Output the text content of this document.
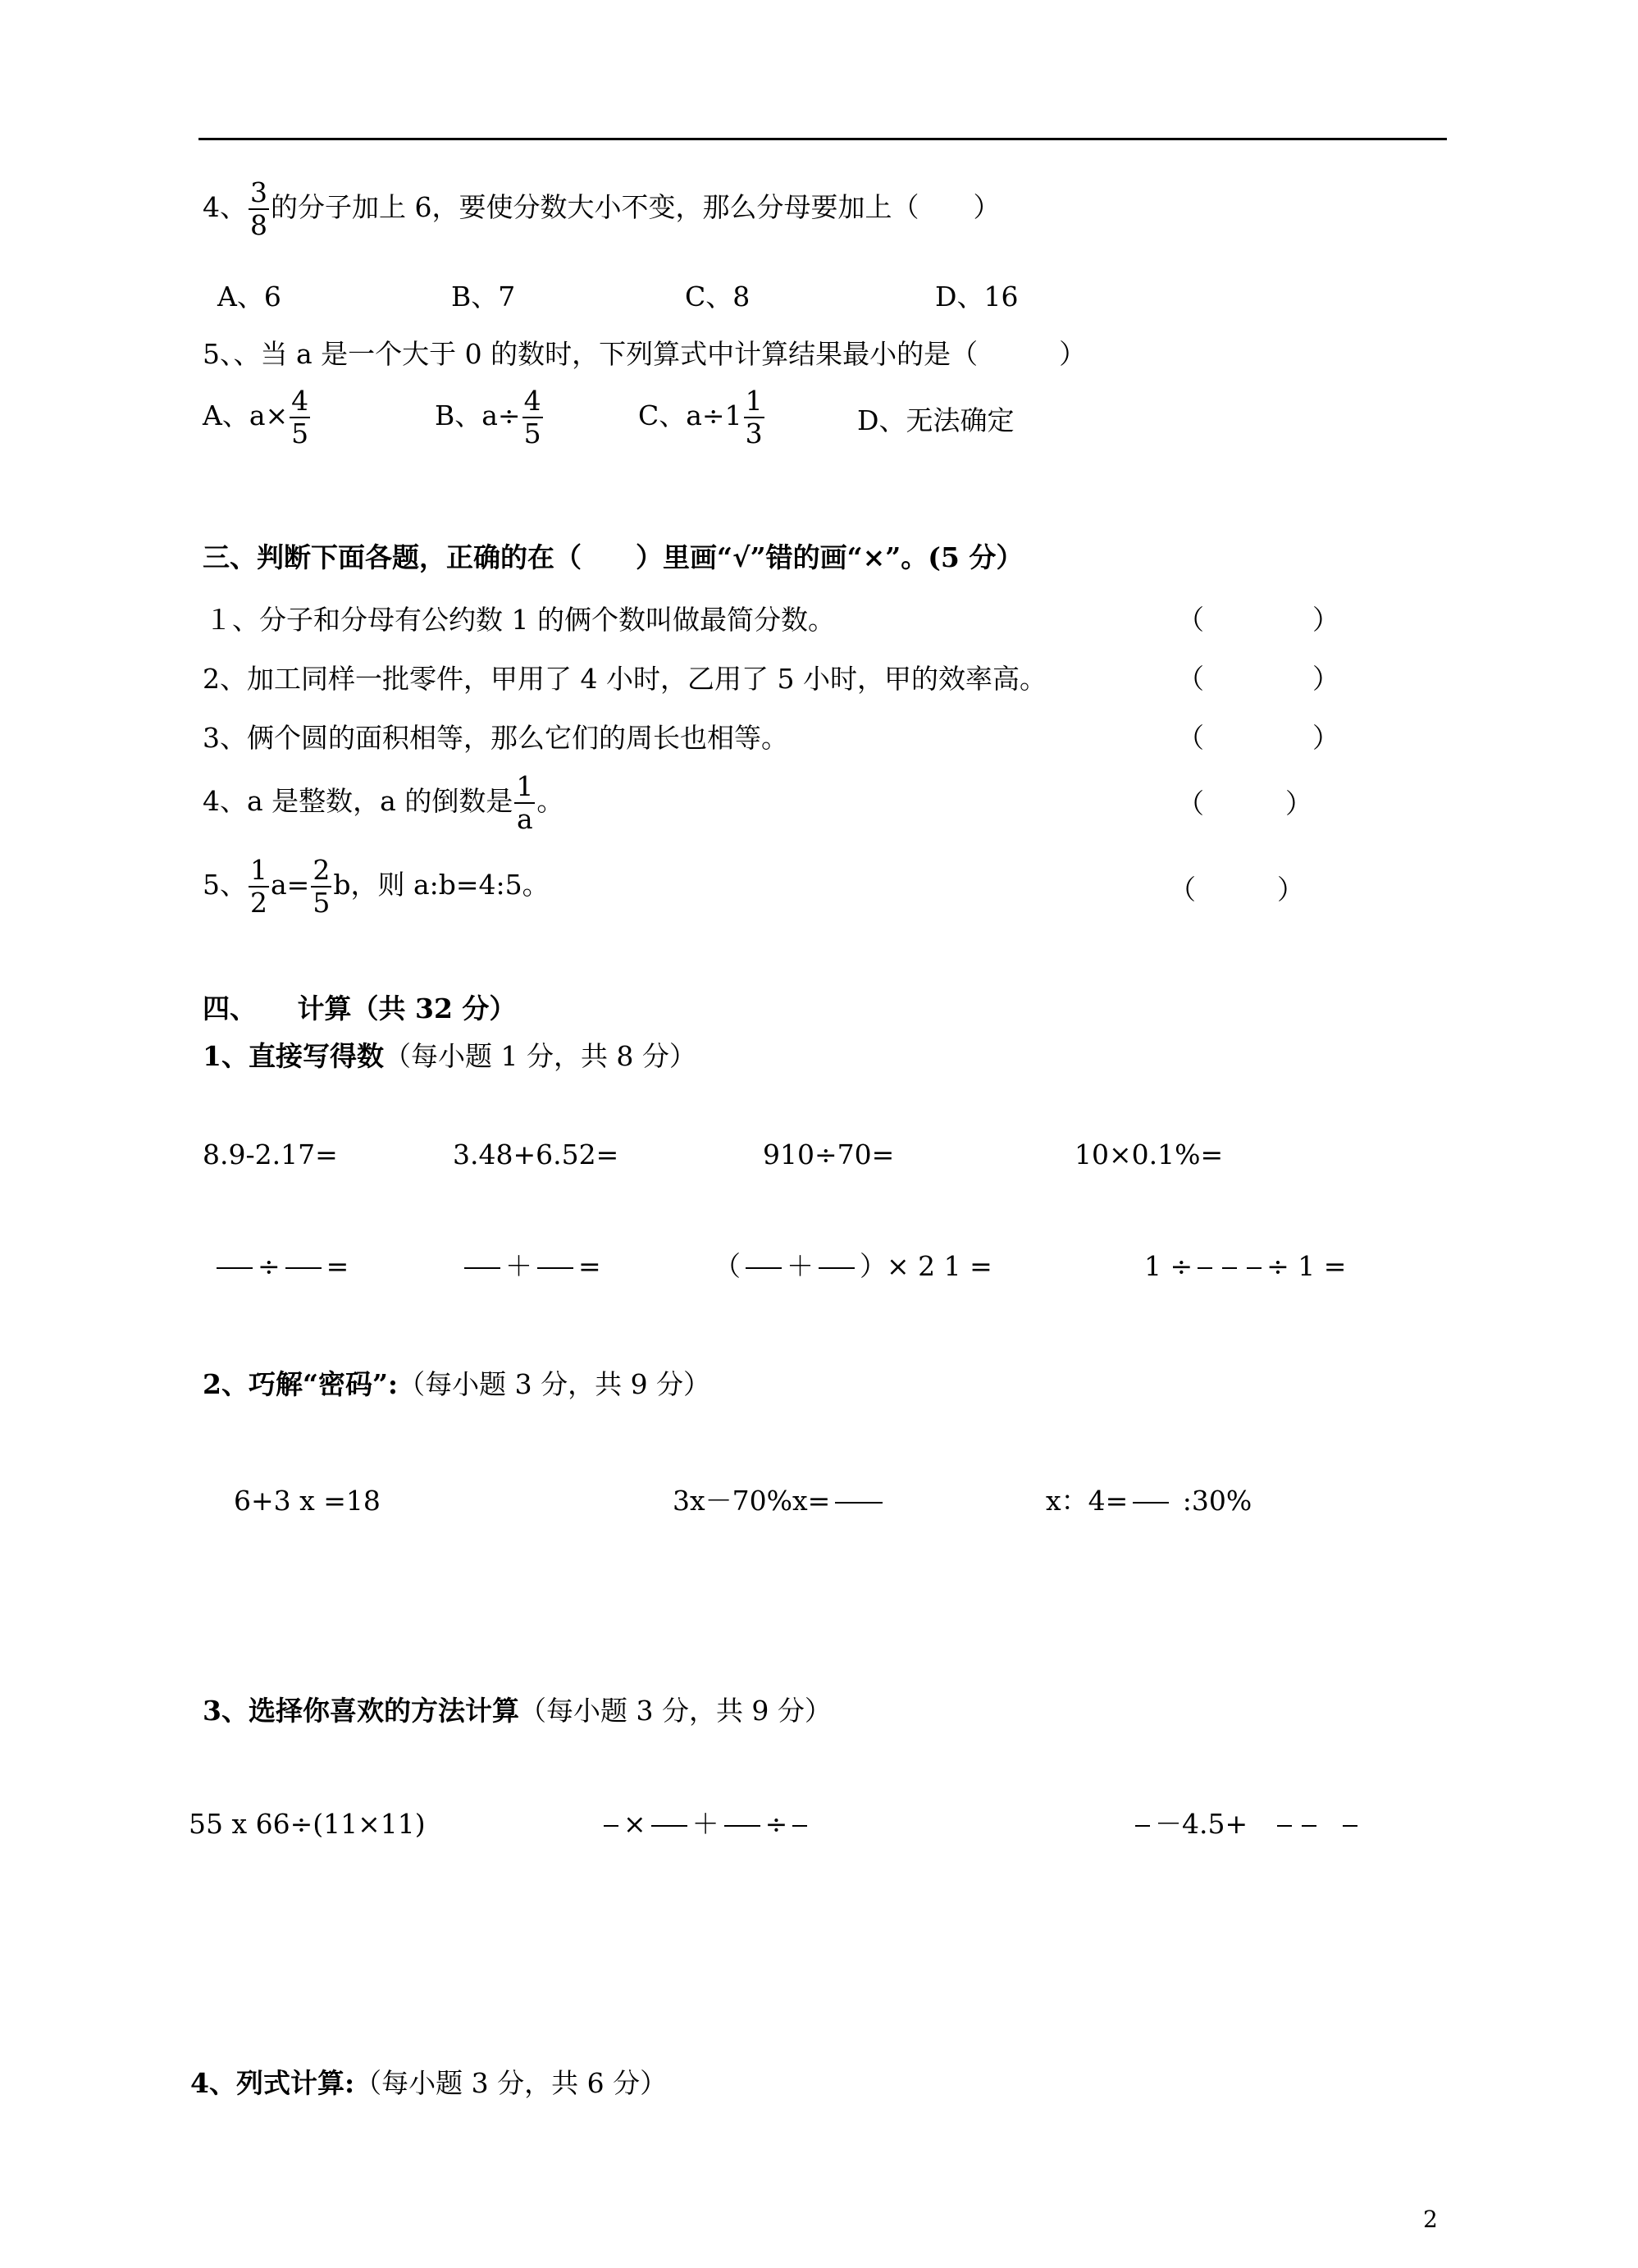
4、 $\frac{3}{8}$ 的分子加上 6，要使分数大小不变，那么分母要加上（　　）
A、6	B、7	C、8	D、16
5、、当 a 是一个大于 0 的数时，下列算式中计算结果最小的是（　　　）
A、$a\times \frac{4}{5}$	B、$a\div \frac{4}{5}$	C、$a\div 1 \frac{1}{3}$	D、无法确定
三、判断下面各题，正确的在（　　）里画“√”错的画“×”。(5 分）
１、分子和分母有公约数 1 的俩个数叫做最简分数。	（　　　　）
2、加工同样一批零件，甲用了 4 小时，乙用了 5 小时，甲的效率高。	（　　　　）
3、俩个圆的面积相等，那么它们的周长也相等。	（　　　　）
4、a 是整数，a 的倒数是 $\frac{1}{a}$ 。	（　　　）
5、 $\frac{1}{2} a= \frac{2}{5}$ b，则 a:b=4:5。	（　　　）
四、　　计算（共 32 分）
1、直接写得数（每小题 1 分，共 8 分）
8.9-2.17=	3.48+6.52=	910÷70=	10×0.1%=
÷ =	＋ =	（ ＋ ）× 2 1 =	1 ÷	÷ 1 =
2、巧解“密码”:（每小题 3 分，共 9 分）
6+3 x =18	3x－70%x=	x：4= :30%
3、选择你喜欢的方法计算（每小题 3 分，共 9 分）
55 x 66÷(11×11)	× ＋ ÷	－4.5+
4、列式计算:（每小题 3 分，共 6 分）
2
